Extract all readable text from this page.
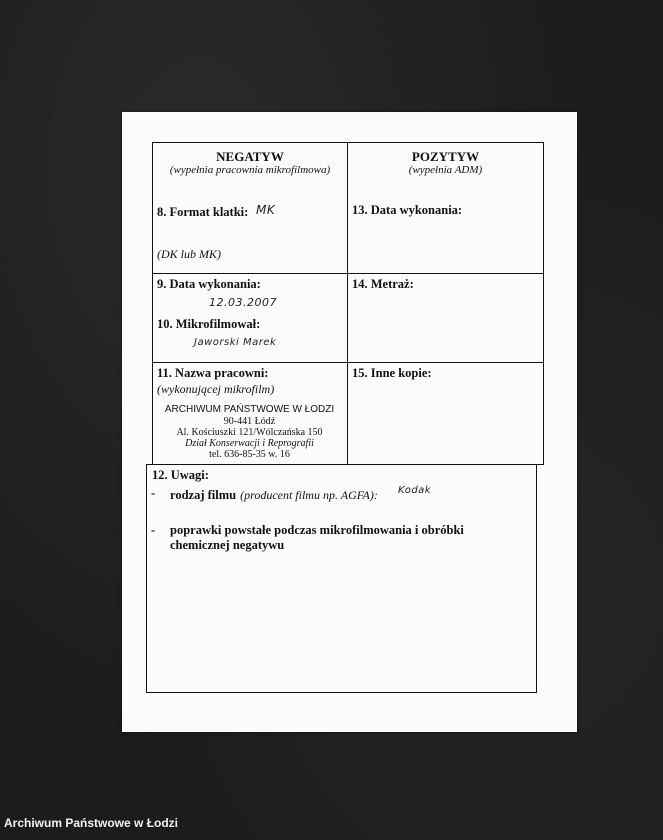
NEGATYW
(wypełnia pracownia mikrofilmowa)
8. Format klatki: MK
(DK lub MK)
POZYTYW
(wypełnia ADM)
13. Data wykonania:
9. Data wykonania:
12.03.2007
10. Mikrofilmował:
Jaworski Marek
14. Metraż:
11. Nazwa pracowni:
(wykonującej mikrofilm)
ARCHIWUM PAŃSTWOWE W ŁODZI
90-441 Łódź
Al. Kościuszki 121/Wólczańska 150
Dział Konserwacji i Reprografii
tel. 636-85-35 w. 16
15. Inne kopie:
12. Uwagi:
- rodzaj filmu (producent filmu np. AGFA): Kodak
- poprawki powstałe podczas mikrofilmowania i obróbki
chemicznej negatywu
Archiwum Państwowe w Łodzi
